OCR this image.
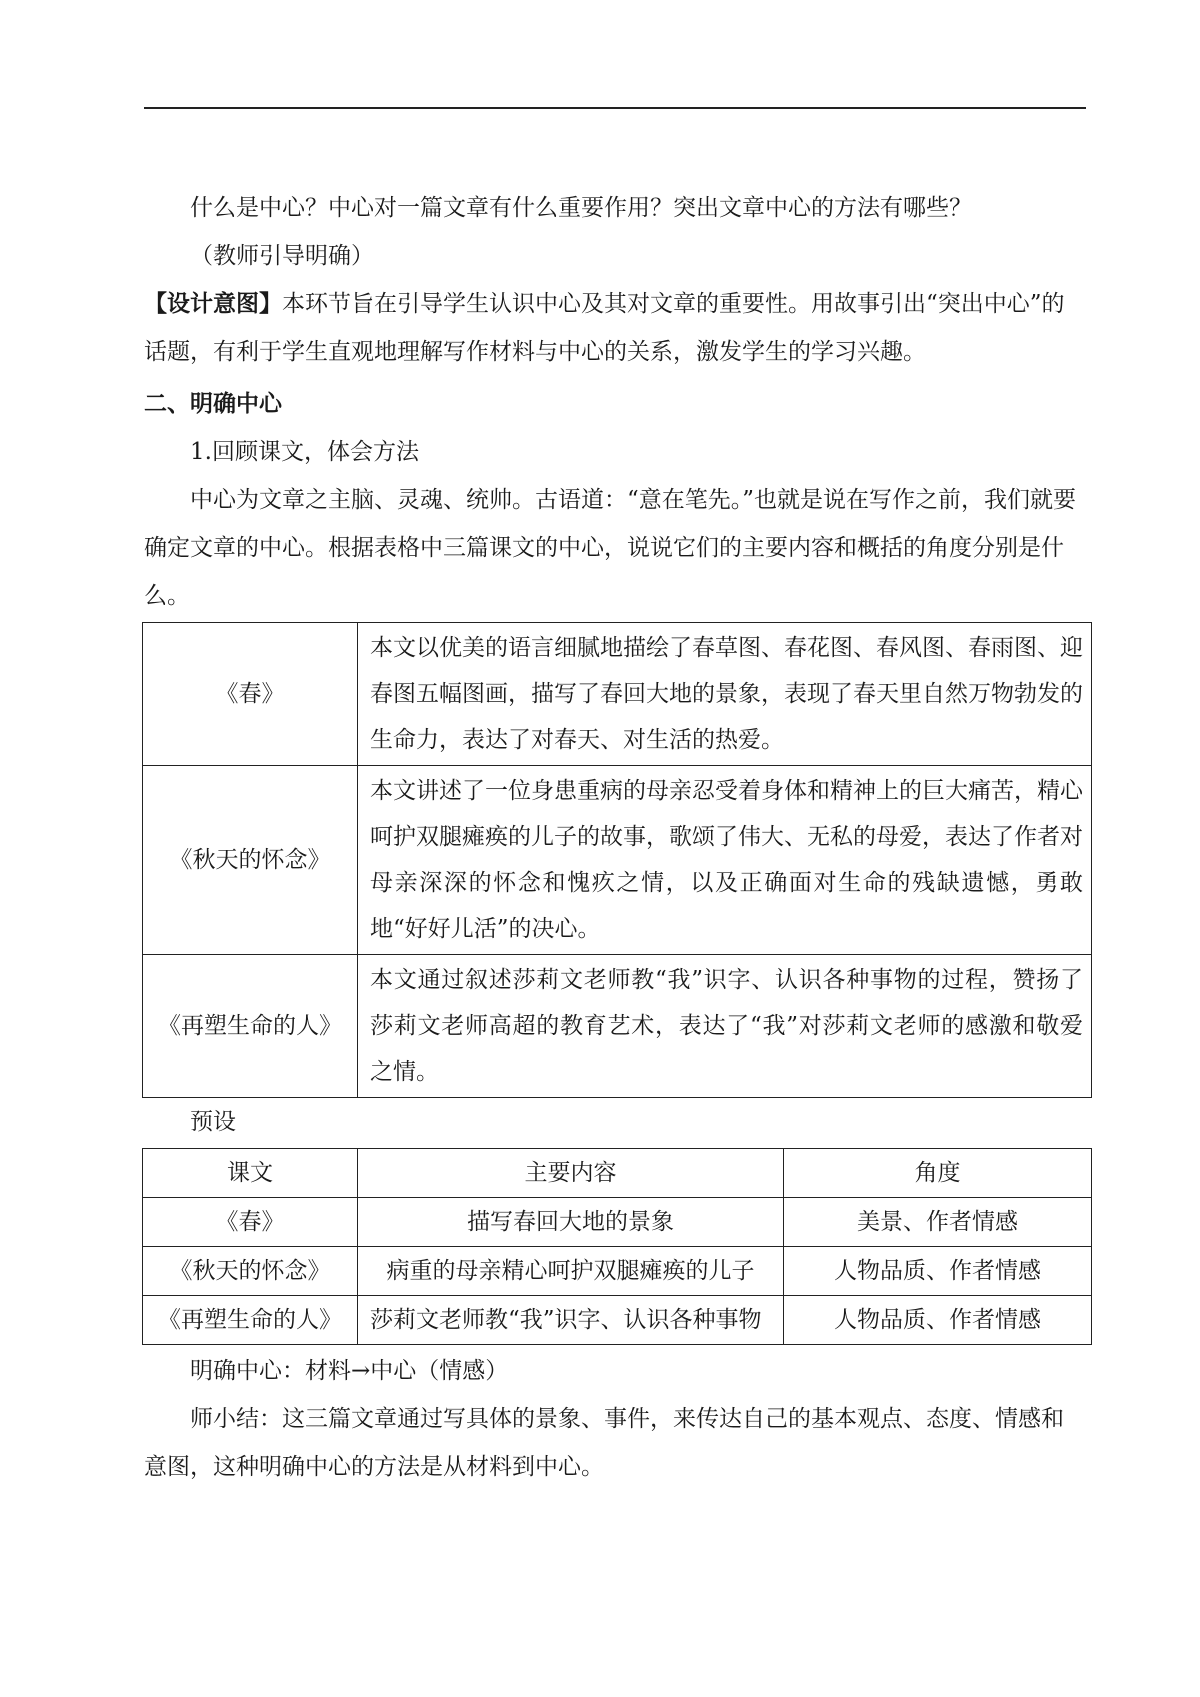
什么是中心？中心对一篇文章有什么重要作用？突出文章中心的方法有哪些？

（教师引导明确）

【设计意图】本环节旨在引导学生认识中心及其对文章的重要性。用故事引出“突出中心”的话题，有利于学生直观地理解写作材料与中心的关系，激发学生的学习兴趣。

二、明确中心

1.回顾课文，体会方法

中心为文章之主脑、灵魂、统帅。古语道：“意在笔先。”也就是说在写作之前，我们就要确定文章的中心。根据表格中三篇课文的中心，说说它们的主要内容和概括的角度分别是什么。

《春》	本文以优美的语言细腻地描绘了春草图、春花图、春风图、春雨图、迎春图五幅图画，描写了春回大地的景象，表现了春天里自然万物勃发的生命力，表达了对春天、对生活的热爱。
《秋天的怀念》	本文讲述了一位身患重病的母亲忍受着身体和精神上的巨大痛苦，精心呵护双腿瘫痪的儿子的故事，歌颂了伟大、无私的母爱，表达了作者对母亲深深的怀念和愧疚之情，以及正确面对生命的残缺遗憾，勇敢地“好好儿活”的决心。
《再塑生命的人》	本文通过叙述莎莉文老师教“我”识字、认识各种事物的过程，赞扬了莎莉文老师高超的教育艺术，表达了“我”对莎莉文老师的感激和敬爱之情。

预设

课文	主要内容	角度
《春》	描写春回大地的景象	美景、作者情感
《秋天的怀念》	病重的母亲精心呵护双腿瘫痪的儿子	人物品质、作者情感
《再塑生命的人》	莎莉文老师教“我”识字、认识各种事物	人物品质、作者情感

明确中心：材料→中心（情感）

师小结：这三篇文章通过写具体的景象、事件，来传达自己的基本观点、态度、情感和意图，这种明确中心的方法是从材料到中心。
